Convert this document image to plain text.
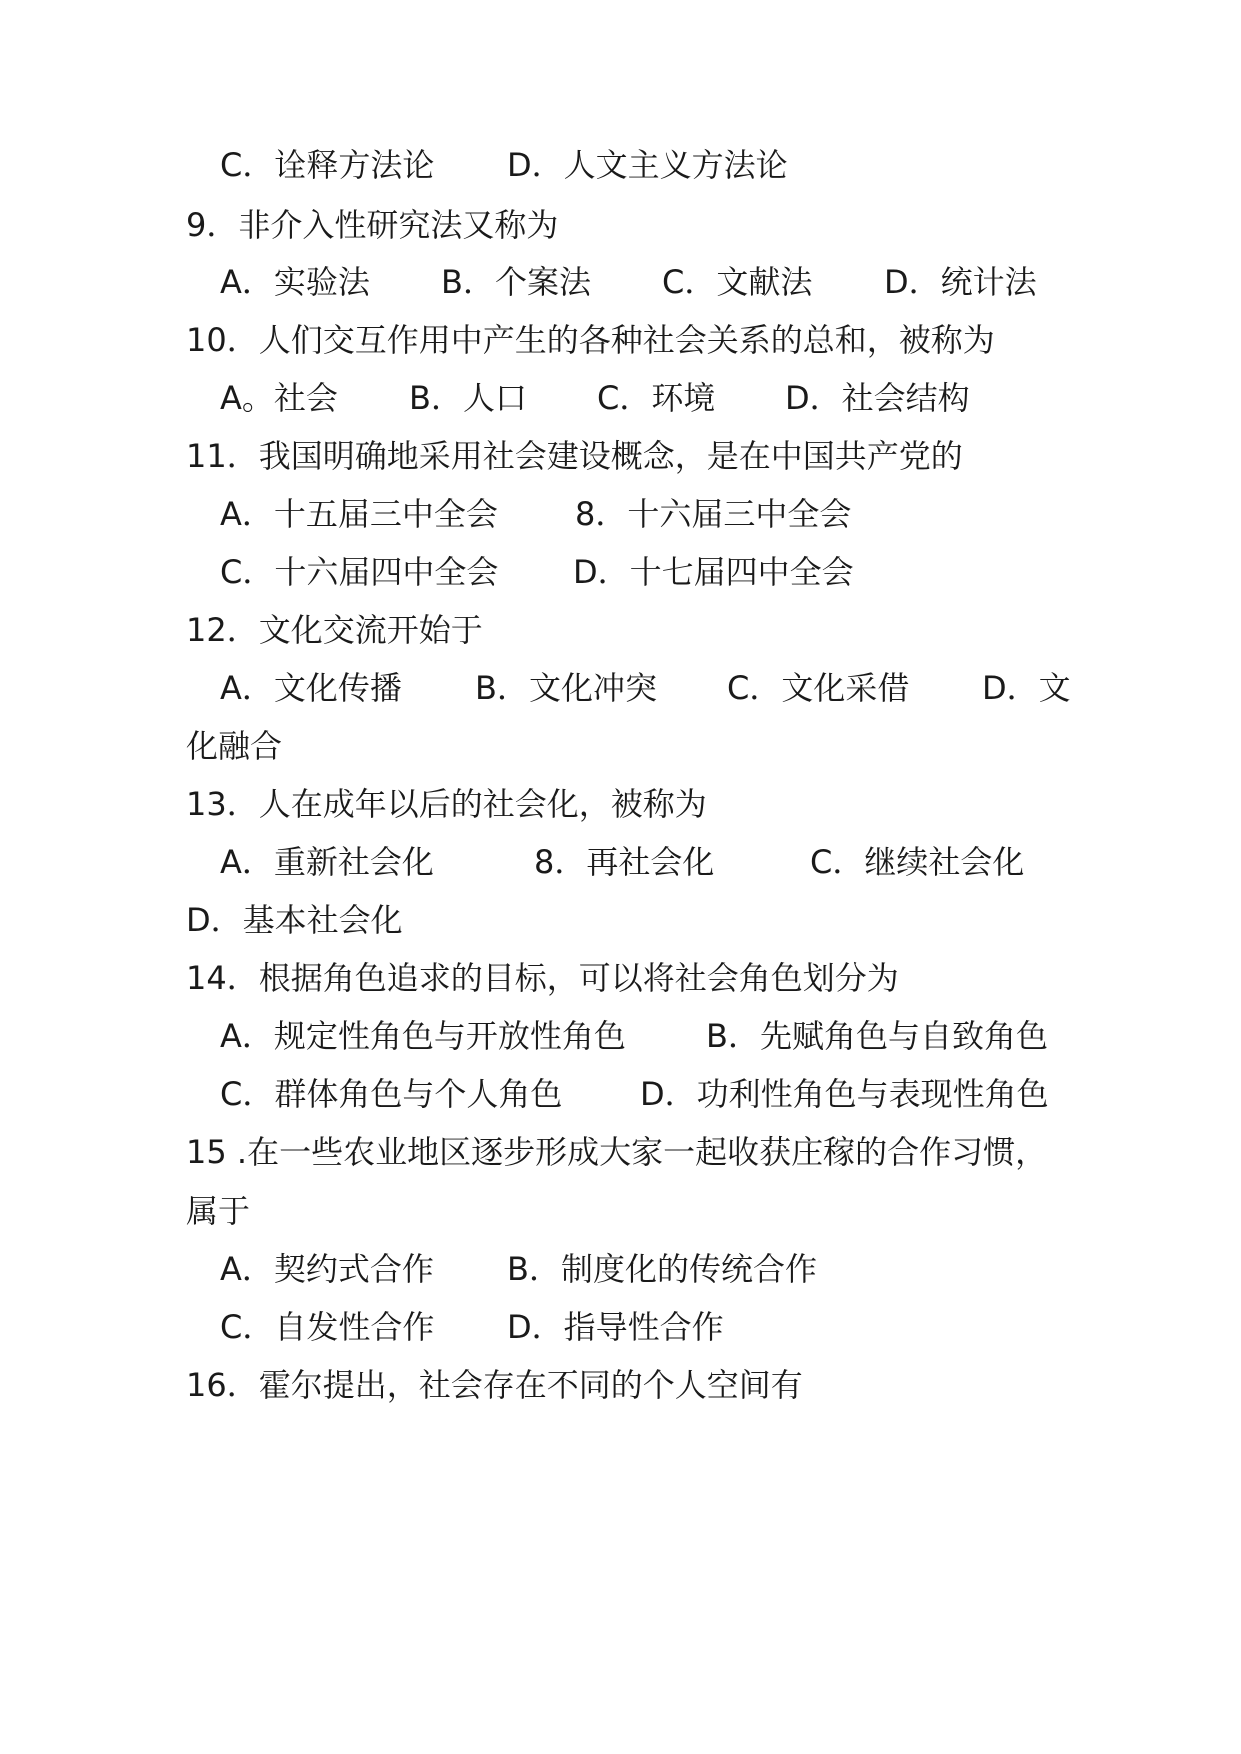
C．诠释方法论 D．人文主义方法论
9．非介入性研究法又称为
A．实验法 B．个案法 C．文献法 D．统计法
10．人们交互作用中产生的各种社会关系的总和，被称为
A。社会 B．人口 C．环境 D．社会结构
11．我国明确地采用社会建设概念，是在中国共产党的
A．十五届三中全会 8．十六届三中全会
C．十六届四中全会 D．十七届四中全会
12．文化交流开始于
A．文化传播 B．文化冲突 C．文化采借 D．文
化融合
13．人在成年以后的社会化，被称为
A．重新社会化	8．再社会化	C．继续社会化
D．基本社会化
14．根据角色追求的目标，可以将社会角色划分为
A．规定性角色与开放性角色	B．先赋角色与自致角色
C．群体角色与个人角色 D．功利性角色与表现性角色
15 .在一些农业地区逐步形成大家一起收获庄稼的合作习惯，
属于
A．契约式合作 B．制度化的传统合作
C．自发性合作 D．指导性合作
16．霍尔提出，社会存在不同的个人空间有
